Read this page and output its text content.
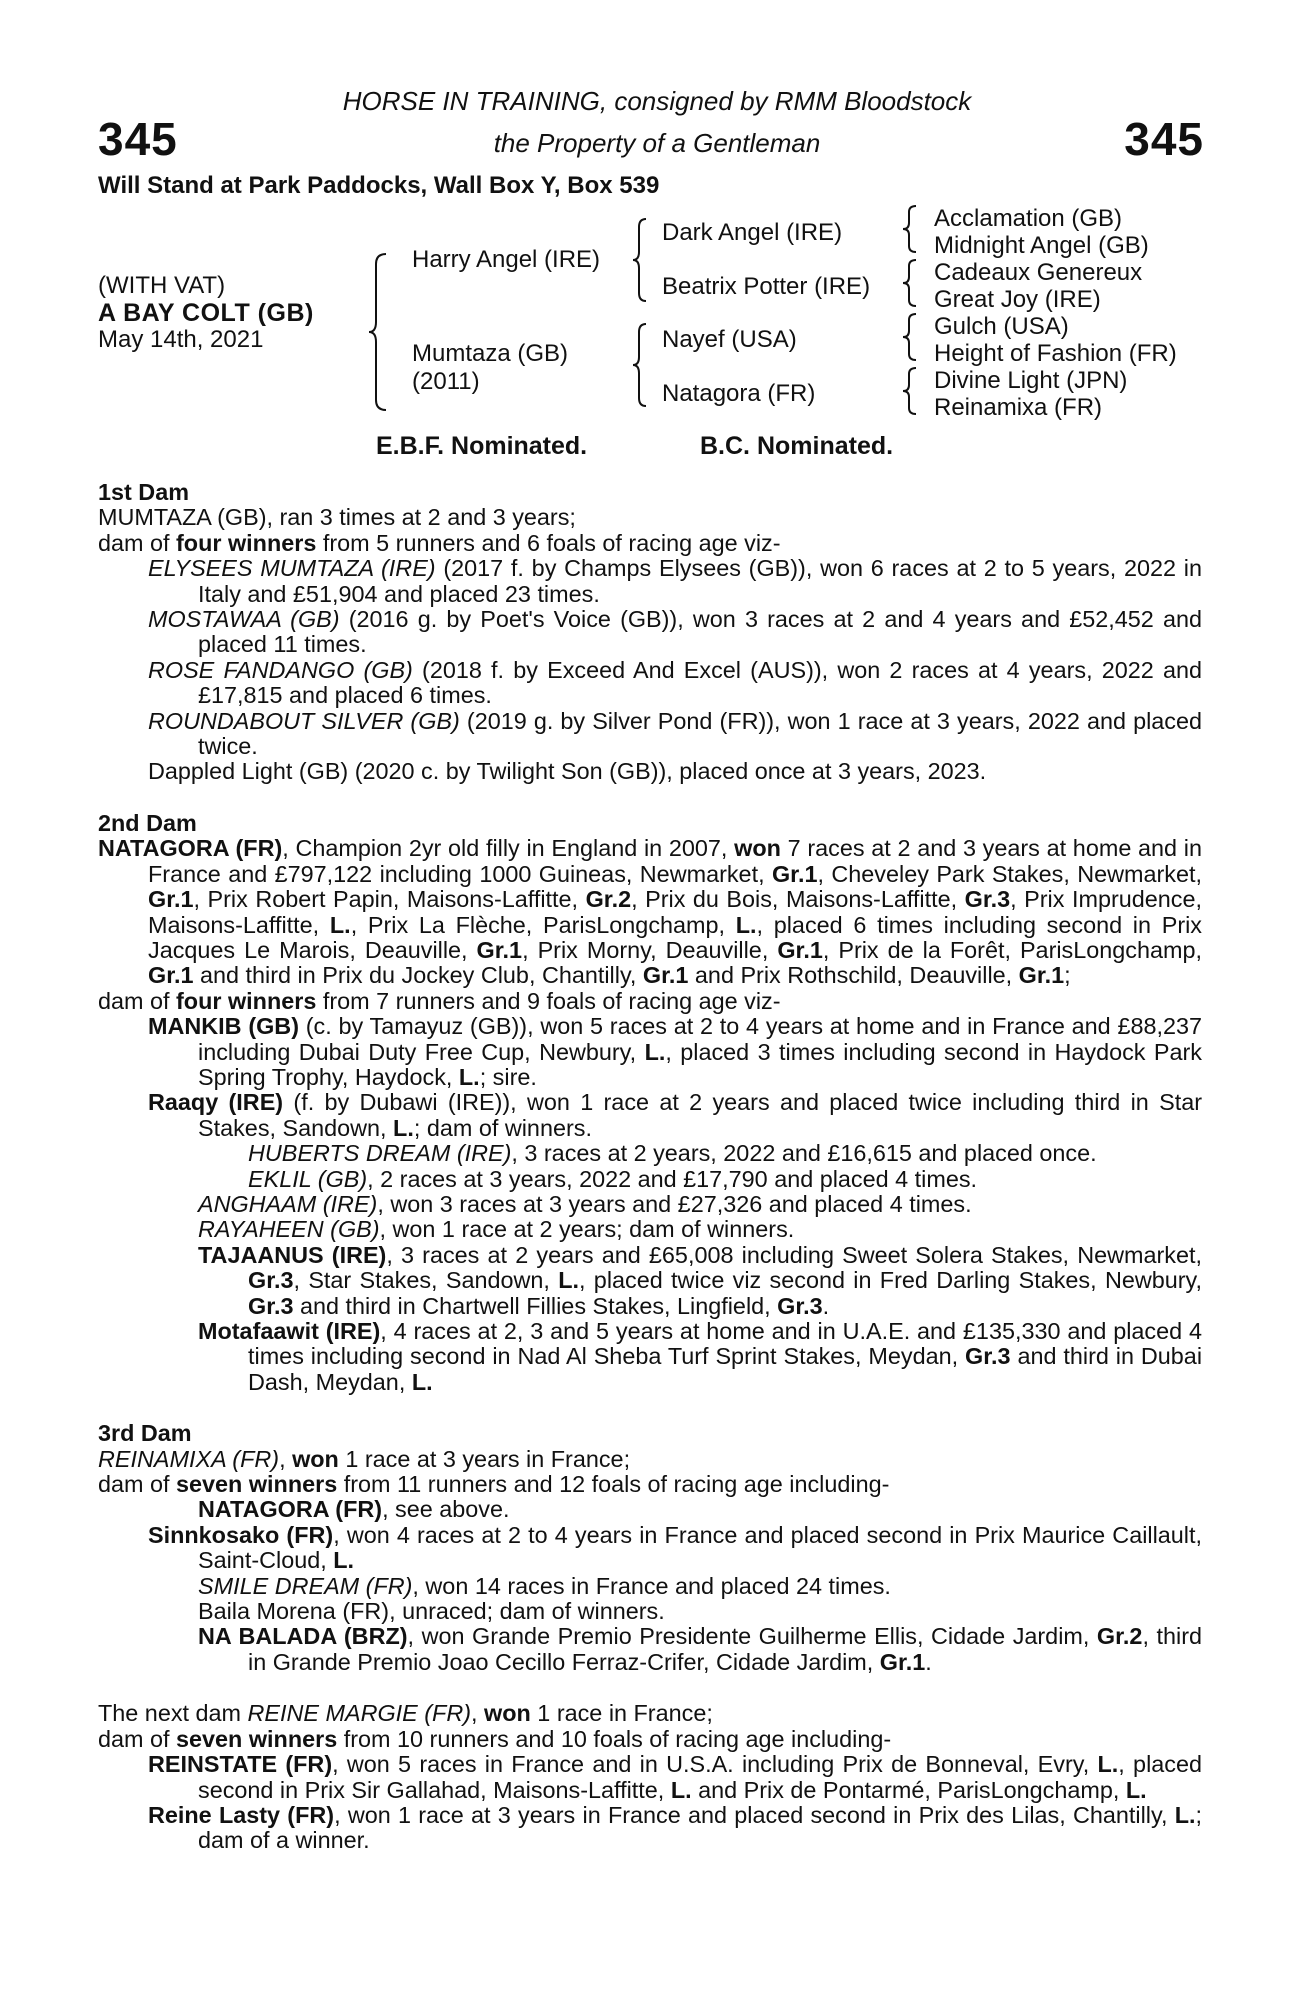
345	345
HORSE IN TRAINING, consigned by RMM Bloodstock
the Property of a Gentleman
Will Stand at Park Paddocks, Wall Box Y, Box 539
(WITH VAT)
A BAY COLT (GB)
May 14th, 2021
Harry Angel (IRE)
Mumtaza (GB)
(2011)
Dark Angel (IRE)
Beatrix Potter (IRE)
Nayef (USA)
Natagora (FR)
Acclamation (GB)
Midnight Angel (GB)
Cadeaux Genereux
Great Joy (IRE)
Gulch (USA)
Height of Fashion (FR)
Divine Light (JPN)
Reinamixa (FR)
E.B.F. Nominated.	B.C. Nominated.
1st Dam
MUMTAZA (GB), ran 3 times at 2 and 3 years;
dam of four winners from 5 runners and 6 foals of racing age viz-
ELYSEES MUMTAZA (IRE) (2017 f. by Champs Elysees (GB)), won 6 races at 2 to 5 years, 2022 in Italy and £51,904 and placed 23 times.
MOSTAWAA (GB) (2016 g. by Poet's Voice (GB)), won 3 races at 2 and 4 years and £52,452 and placed 11 times.
ROSE FANDANGO (GB) (2018 f. by Exceed And Excel (AUS)), won 2 races at 4 years, 2022 and £17,815 and placed 6 times.
ROUNDABOUT SILVER (GB) (2019 g. by Silver Pond (FR)), won 1 race at 3 years, 2022 and placed twice.
Dappled Light (GB) (2020 c. by Twilight Son (GB)), placed once at 3 years, 2023.
2nd Dam
NATAGORA (FR), Champion 2yr old filly in England in 2007, won 7 races at 2 and 3 years at home and in France and £797,122 including 1000 Guineas, Newmarket, Gr.1, Cheveley Park Stakes, Newmarket, Gr.1, Prix Robert Papin, Maisons-Laffitte, Gr.2, Prix du Bois, Maisons-Laffitte, Gr.3, Prix Imprudence, Maisons-Laffitte, L., Prix La Flèche, ParisLongchamp, L., placed 6 times including second in Prix Jacques Le Marois, Deauville, Gr.1, Prix Morny, Deauville, Gr.1, Prix de la Forêt, ParisLongchamp, Gr.1 and third in Prix du Jockey Club, Chantilly, Gr.1 and Prix Rothschild, Deauville, Gr.1;
dam of four winners from 7 runners and 9 foals of racing age viz-
MANKIB (GB) (c. by Tamayuz (GB)), won 5 races at 2 to 4 years at home and in France and £88,237 including Dubai Duty Free Cup, Newbury, L., placed 3 times including second in Haydock Park Spring Trophy, Haydock, L.; sire.
Raaqy (IRE) (f. by Dubawi (IRE)), won 1 race at 2 years and placed twice including third in Star Stakes, Sandown, L.; dam of winners.
HUBERTS DREAM (IRE), 3 races at 2 years, 2022 and £16,615 and placed once.
EKLIL (GB), 2 races at 3 years, 2022 and £17,790 and placed 4 times.
ANGHAAM (IRE), won 3 races at 3 years and £27,326 and placed 4 times.
RAYAHEEN (GB), won 1 race at 2 years; dam of winners.
TAJAANUS (IRE), 3 races at 2 years and £65,008 including Sweet Solera Stakes, Newmarket, Gr.3, Star Stakes, Sandown, L., placed twice viz second in Fred Darling Stakes, Newbury, Gr.3 and third in Chartwell Fillies Stakes, Lingfield, Gr.3.
Motafaawit (IRE), 4 races at 2, 3 and 5 years at home and in U.A.E. and £135,330 and placed 4 times including second in Nad Al Sheba Turf Sprint Stakes, Meydan, Gr.3 and third in Dubai Dash, Meydan, L.
3rd Dam
REINAMIXA (FR), won 1 race at 3 years in France;
dam of seven winners from 11 runners and 12 foals of racing age including-
NATAGORA (FR), see above.
Sinnkosako (FR), won 4 races at 2 to 4 years in France and placed second in Prix Maurice Caillault, Saint-Cloud, L.
SMILE DREAM (FR), won 14 races in France and placed 24 times.
Baila Morena (FR), unraced; dam of winners.
NA BALADA (BRZ), won Grande Premio Presidente Guilherme Ellis, Cidade Jardim, Gr.2, third in Grande Premio Joao Cecillo Ferraz-Crifer, Cidade Jardim, Gr.1.
The next dam REINE MARGIE (FR), won 1 race in France;
dam of seven winners from 10 runners and 10 foals of racing age including-
REINSTATE (FR), won 5 races in France and in U.S.A. including Prix de Bonneval, Evry, L., placed second in Prix Sir Gallahad, Maisons-Laffitte, L. and Prix de Pontarmé, ParisLongchamp, L.
Reine Lasty (FR), won 1 race at 3 years in France and placed second in Prix des Lilas, Chantilly, L.; dam of a winner.
